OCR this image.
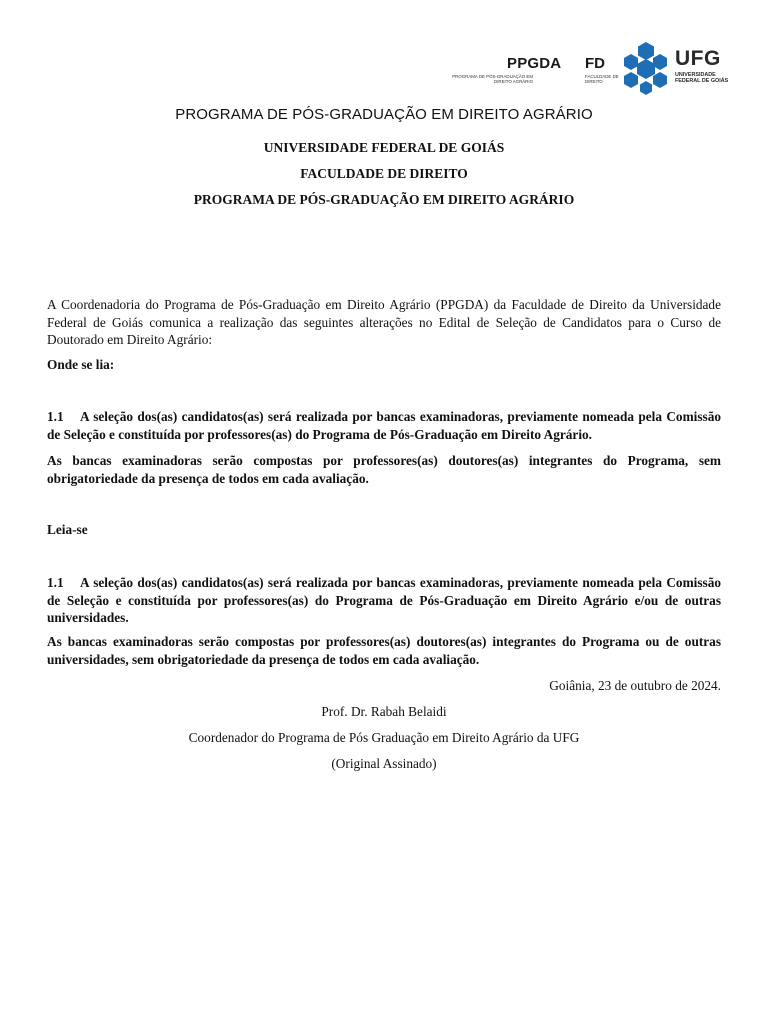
PPGDA
PROGRAMA DE PÓS-GRADUAÇÃO EM
DIREITO AGRÁRIO
FD
FACULDADE DE
DIREITO
UFG
UNIVERSIDADE
FEDERAL DE GOIÁS
PROGRAMA DE PÓS-GRADUAÇÃO EM DIREITO AGRÁRIO
UNIVERSIDADE FEDERAL DE GOIÁS
FACULDADE DE DIREITO
PROGRAMA DE PÓS-GRADUAÇÃO EM DIREITO AGRÁRIO
A Coordenadoria do Programa de Pós-Graduação em Direito Agrário (PPGDA) da Faculdade de Direito da Universidade Federal de Goiás comunica a realização das seguintes alterações no Edital de Seleção de Candidatos para o Curso de Doutorado em Direito Agrário:
Onde se lia:
1.1 A seleção dos(as) candidatos(as) será realizada por bancas examinadoras, previamente nomeada pela Comissão de Seleção e constituída por professores(as) do Programa de Pós-Graduação em Direito Agrário.
As bancas examinadoras serão compostas por professores(as) doutores(as) integrantes do Programa, sem obrigatoriedade da presença de todos em cada avaliação.
Leia-se
1.1 A seleção dos(as) candidatos(as) será realizada por bancas examinadoras, previamente nomeada pela Comissão de Seleção e constituída por professores(as) do Programa de Pós-Graduação em Direito Agrário e/ou de outras universidades.
As bancas examinadoras serão compostas por professores(as) doutores(as) integrantes do Programa ou de outras universidades, sem obrigatoriedade da presença de todos em cada avaliação.
Goiânia, 23 de outubro de 2024.
Prof. Dr. Rabah Belaidi
Coordenador do Programa de Pós Graduação em Direito Agrário da UFG
(Original Assinado)
